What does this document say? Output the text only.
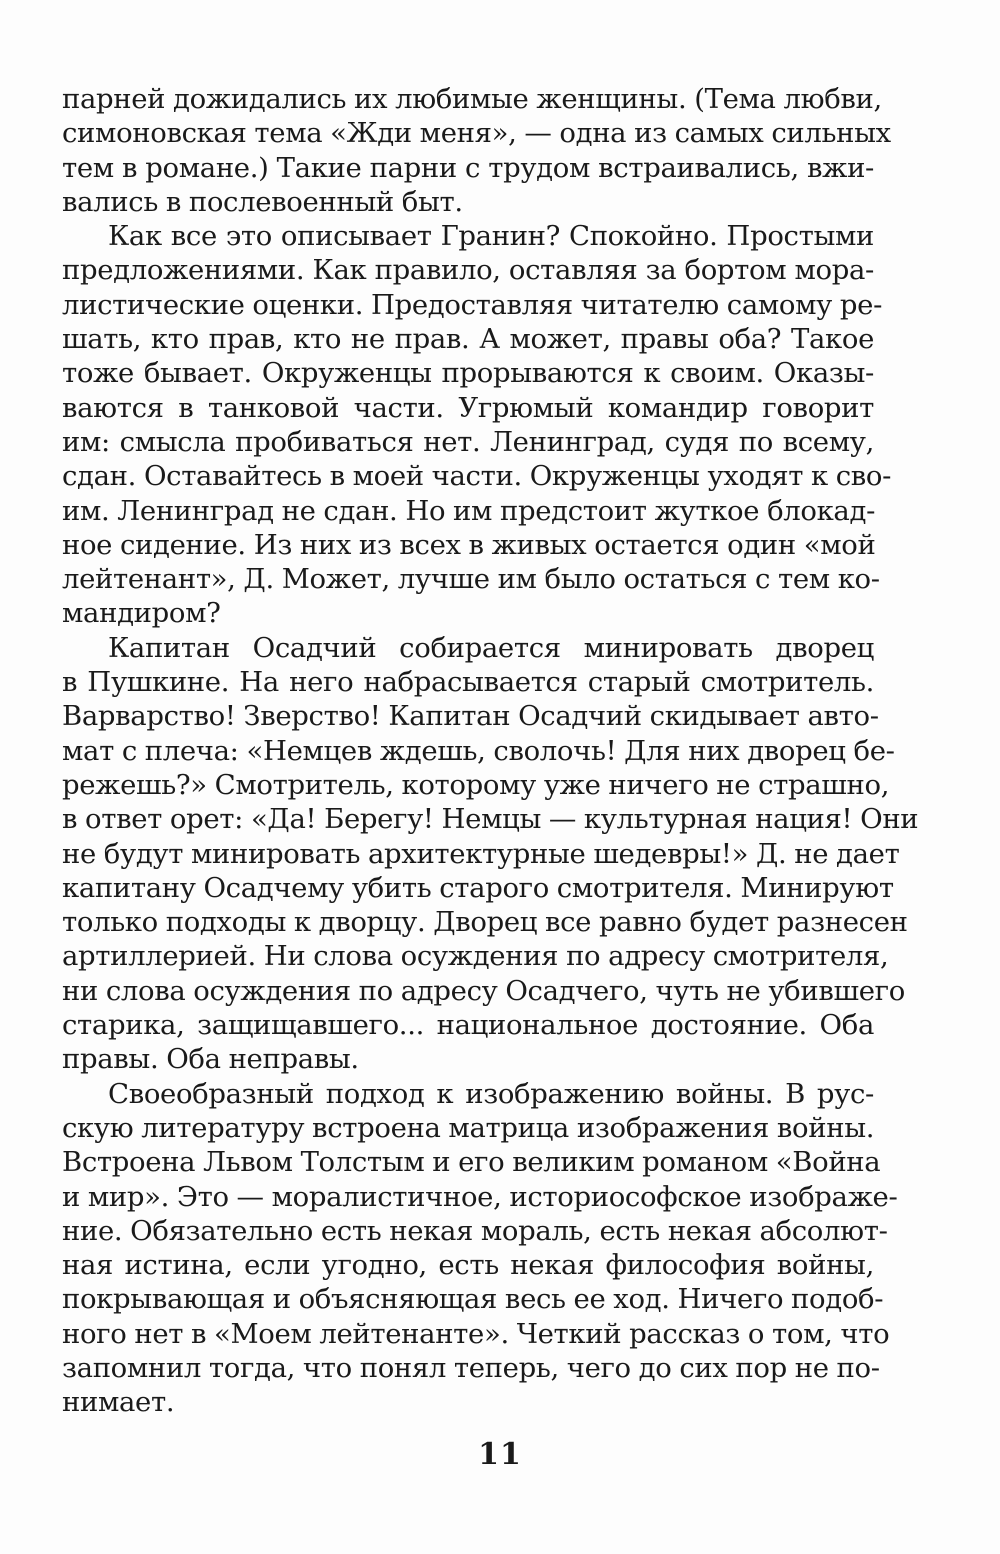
парней дожидались их любимые женщины. (Тема любви,
симоновская тема «Жди меня», — одна из самых сильных
тем в романе.) Такие парни с трудом встраивались, вжи-
вались в послевоенный быт.
Как все это описывает Гранин? Спокойно. Простыми
предложениями. Как правило, оставляя за бортом мора-
листические оценки. Предоставляя читателю самому ре-
шать, кто прав, кто не прав. А может, правы оба? Такое
тоже бывает. Окруженцы прорываются к своим. Оказы-
ваются в танковой части. Угрюмый командир говорит
им: смысла пробиваться нет. Ленинград, судя по всему,
сдан. Оставайтесь в моей части. Окруженцы уходят к сво-
им. Ленинград не сдан. Но им предстоит жуткое блокад-
ное сидение. Из них из всех в живых остается один «мой
лейтенант», Д. Может, лучше им было остаться с тем ко-
мандиром?
Капитан Осадчий собирается минировать дворец
в Пушкине. На него набрасывается старый смотритель.
Варварство! Зверство! Капитан Осадчий скидывает авто-
мат с плеча: «Немцев ждешь, сволочь! Для них дворец бе-
режешь?» Смотритель, которому уже ничего не страшно,
в ответ орет: «Да! Берегу! Немцы — культурная нация! Они
не будут минировать архитектурные шедевры!» Д. не дает
капитану Осадчему убить старого смотрителя. Минируют
только подходы к дворцу. Дворец все равно будет разнесен
артиллерией. Ни слова осуждения по адресу смотрителя,
ни слова осуждения по адресу Осадчего, чуть не убившего
старика, защищавшего... национальное достояние. Оба
правы. Оба неправы.
Своеобразный подход к изображению войны. В рус-
скую литературу встроена матрица изображения войны.
Встроена Львом Толстым и его великим романом «Война
и мир». Это — моралистичное, историософское изображе-
ние. Обязательно есть некая мораль, есть некая абсолют-
ная истина, если угодно, есть некая философия войны,
покрывающая и объясняющая весь ее ход. Ничего подоб-
ного нет в «Моем лейтенанте». Четкий рассказ о том, что
запомнил тогда, что понял теперь, чего до сих пор не по-
нимает.
11
